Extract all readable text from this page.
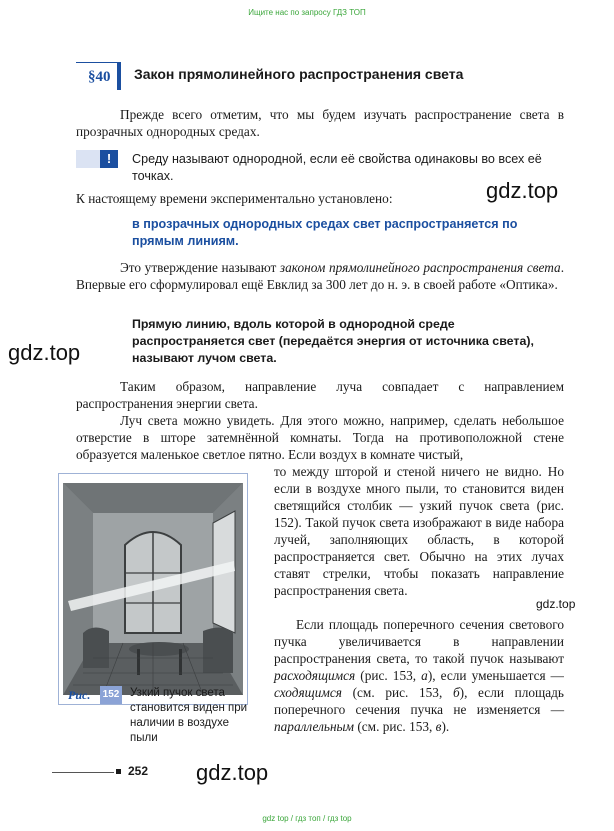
Ищите нас по запросу ГДЗ ТОП
§40	Закон прямолинейного распространения света

Прежде всего отметим, что мы будем изучать распространение света в прозрачных однородных средах.

!	Среду называют однородной, если её свойства одинаковы во всех её точках.

К настоящему времени экспериментально установлено:

в прозрачных однородных средах свет распространяется по прямым линиям.

Это утверждение называют законом прямолинейного распространения света. Впервые его сформулировал ещё Евклид за 300 лет до н. э. в своей работе «Оптика».

Прямую линию, вдоль которой в однородной среде распространяется свет (передаётся энергия от источника света), называют лучом света.

Таким образом, направление луча совпадает с направлением распространения энергии света.

Луч света можно увидеть. Для этого можно, например, сделать небольшое отверстие в шторе затемнённой комнаты. Тогда на противоположной стене образуется маленькое светлое пятно. Если воздух в комнате чистый,

то между шторой и стеной ничего не видно. Но если в воздухе много пыли, то становится виден светящийся столбик — узкий пучок света (рис. 152). Такой пучок света изображают в виде набора лучей, заполняющих область, в которой распространяется свет. Обычно на этих лучах ставят стрелки, чтобы показать направление распространения света.

Если площадь поперечного сечения светового пучка увеличивается в направлении распространения света, то такой пучок называют расходящимся (рис. 153, а), если уменьшается — сходящимся (см. рис. 153, б), если площадь поперечного сечения пучка не изменяется — параллельным (см. рис. 153, в).

Рис. 152 Узкий пучок света становится виден при наличии в воздухе пыли
gdz.top
gdz.top
gdz.top
gdz.top
252
gdz top / гдз топ / гдз top
